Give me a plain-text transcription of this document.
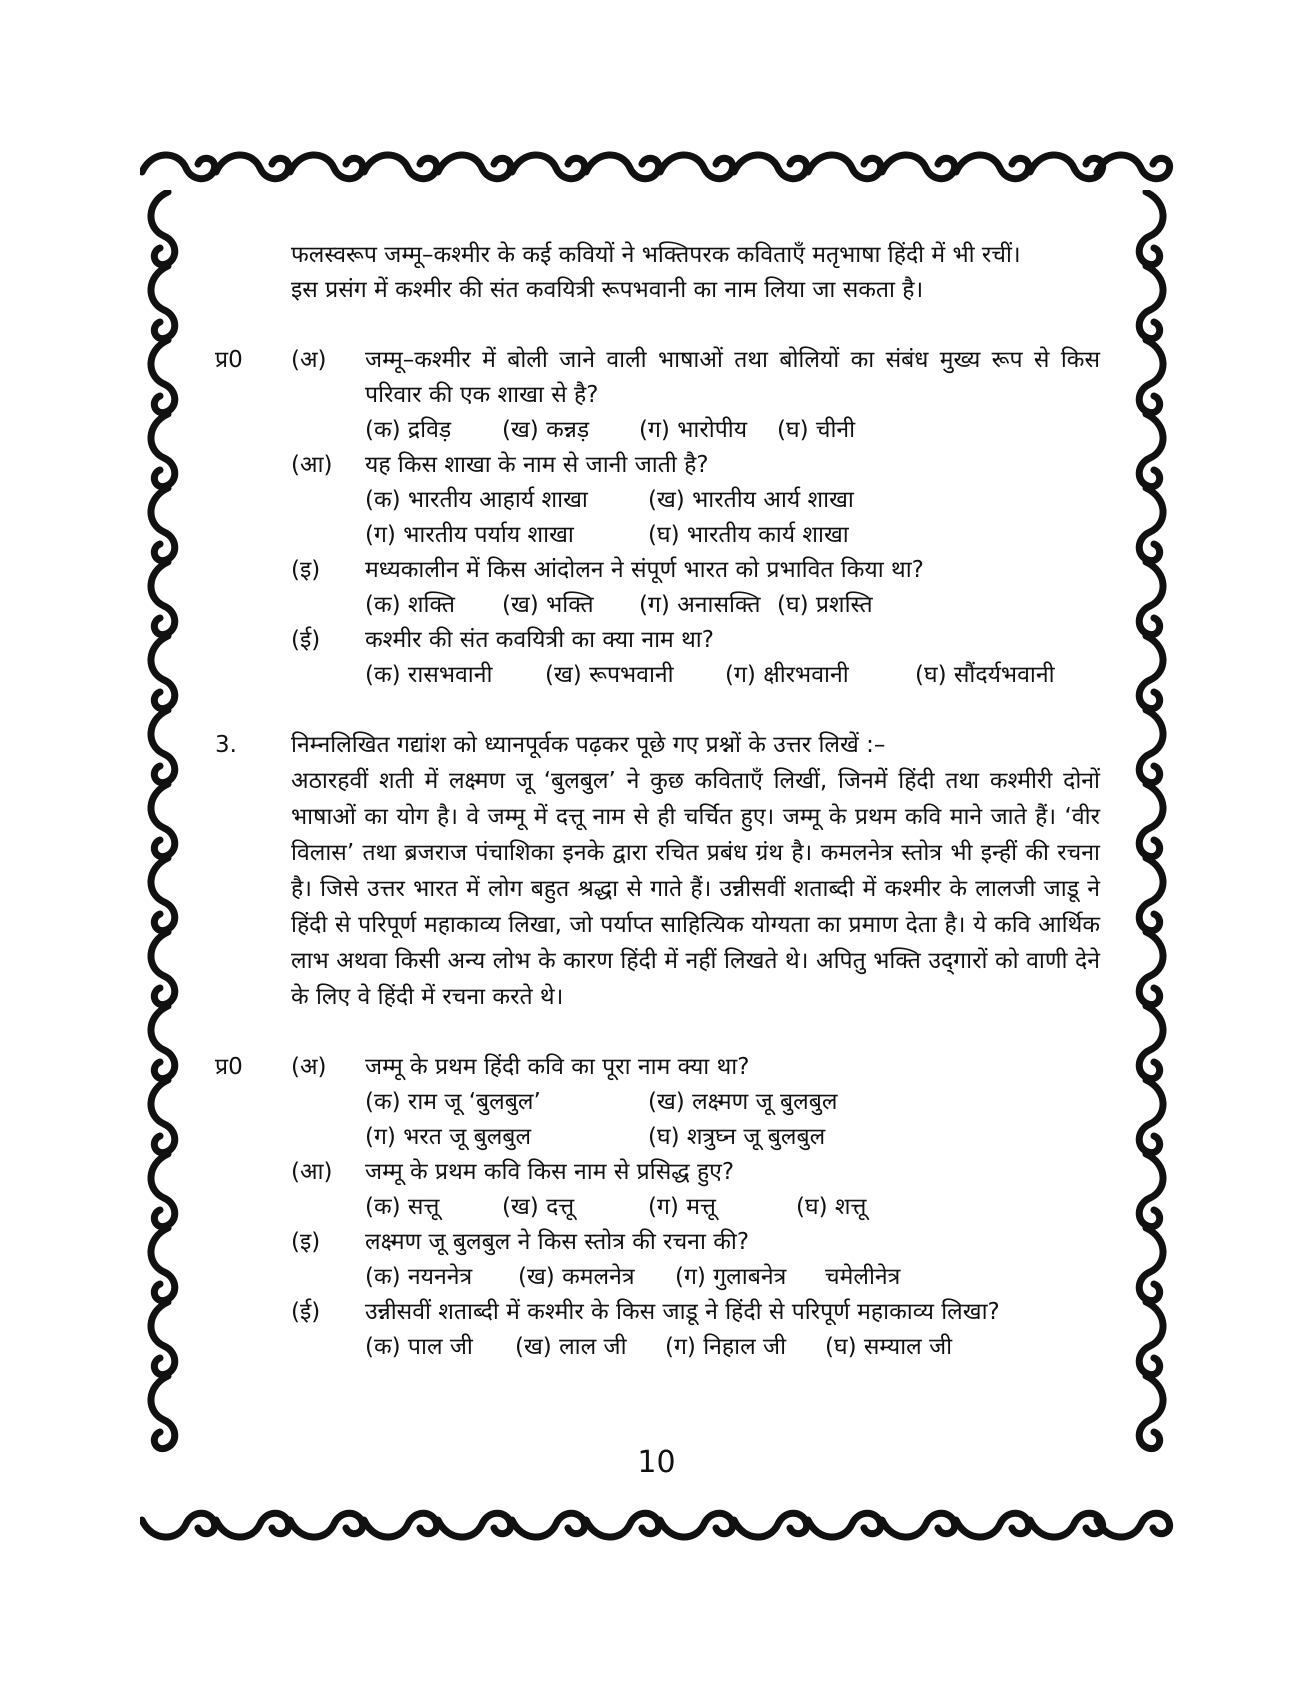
फलस्वरूप जम्मू–कश्मीर के कई कवियों ने भक्तिपरक कविताएँ मतृभाषा हिंदी में भी रचीं।
इस प्रसंग में कश्मीर की संत कवयित्री रूपभवानी का नाम लिया जा सकता है।
प्र0	(अ)	जम्मू–कश्मीर में बोली जाने वाली भाषाओं तथा बोलियों का संबंध मुख्य रूप से किस परिवार की एक शाखा से है?
(क) द्रविड़	(ख) कन्नड़	(ग) भारोपीय	(घ) चीनी
(आ)	यह किस शाखा के नाम से जानी जाती है?
(क) भारतीय आहार्य शाखा	(ख) भारतीय आर्य शाखा
(ग) भारतीय पर्याय शाखा	(घ) भारतीय कार्य शाखा
(इ)	मध्यकालीन में किस आंदोलन ने संपूर्ण भारत को प्रभावित किया था?
(क) शक्ति	(ख) भक्ति	(ग) अनासक्ति (घ) प्रशस्ति
(ई)	कश्मीर की संत कवयित्री का क्या नाम था?
(क) रासभवानी	(ख) रूपभवानी	(ग) क्षीरभवानी	(घ) सौंदर्यभवानी
3. निम्नलिखित गद्यांश को ध्यानपूर्वक पढ़कर पूछे गए प्रश्नों के उत्तर लिखें :–
अठारहवीं शती में लक्ष्मण जू ‘बुलबुल’ ने कुछ कविताएँ लिखीं, जिनमें हिंदी तथा कश्मीरी दोनों भाषाओं का योग है। वे जम्मू में दत्तू नाम से ही चर्चित हुए। जम्मू के प्रथम कवि माने जाते हैं। ‘वीर विलास’ तथा ब्रजराज पंचाशिका इनके द्वारा रचित प्रबंध ग्रंथ है। कमलनेत्र स्तोत्र भी इन्हीं की रचना है। जिसे उत्तर भारत में लोग बहुत श्रद्धा से गाते हैं। उन्नीसवीं शताब्दी में कश्मीर के लालजी जाडू ने हिंदी से परिपूर्ण महाकाव्य लिखा, जो पर्याप्त साहित्यिक योग्यता का प्रमाण देता है। ये कवि आर्थिक लाभ अथवा किसी अन्य लोभ के कारण हिंदी में नहीं लिखते थे। अपितु भक्ति उद्‌गारों को वाणी देने के लिए वे हिंदी में रचना करते थे।
प्र0	(अ)	जम्मू के प्रथम हिंदी कवि का पूरा नाम क्या था?
(क) राम जू ‘बुलबुल’	(ख) लक्ष्मण जू बुलबुल
(ग) भरत जू बुलबुल	(घ) शत्रुघ्न जू बुलबुल
(आ)	जम्मू के प्रथम कवि किस नाम से प्रसिद्ध हुए?
(क) सत्तू	(ख) दत्तू	(ग) मत्तू	(घ) शत्तू
(इ)	लक्ष्मण जू बुलबुल ने किस स्तोत्र की रचना की?
(क) नयननेत्र	(ख) कमलनेत्र	(ग) गुलाबनेत्र	चमेलीनेत्र
(ई)	उन्नीसवीं शताब्दी में कश्मीर के किस जाडू ने हिंदी से परिपूर्ण महाकाव्य लिखा?
(क) पाल जी	(ख) लाल जी	(ग) निहाल जी	(घ) सम्याल जी
10
